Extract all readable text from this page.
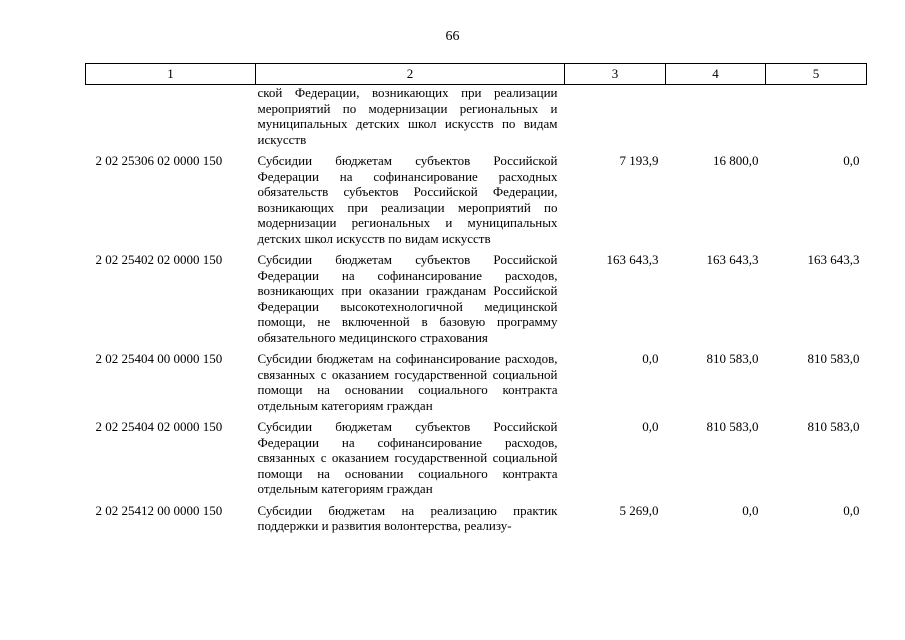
66
1	2	3	4	5
	ской Федерации, возникающих при реализации мероприятий по модернизации региональных и муниципальных детских школ искусств по видам искусств			
2 02 25306 02 0000 150	Субсидии бюджетам субъектов Российской Федерации на софинансирование расходных обязательств субъектов Российской Федерации, возникающих при реализации мероприятий по модернизации региональных и муниципальных детских школ искусств по видам искусств	7 193,9	16 800,0	0,0
2 02 25402 02 0000 150	Субсидии бюджетам субъектов Российской Федерации на софинансирование расходов, возникающих при оказании гражданам Российской Федерации высокотехнологичной медицинской помощи, не включенной в базовую программу обязательного медицинского страхования	163 643,3	163 643,3	163 643,3
2 02 25404 00 0000 150	Субсидии бюджетам на софинансирование расходов, связанных с оказанием государственной социальной помощи на основании социального контракта отдельным категориям граждан	0,0	810 583,0	810 583,0
2 02 25404 02 0000 150	Субсидии бюджетам субъектов Российской Федерации на софинансирование расходов, связанных с оказанием государственной социальной помощи на основании социального контракта отдельным категориям граждан	0,0	810 583,0	810 583,0
2 02 25412 00 0000 150	Субсидии бюджетам на реализацию практик поддержки и развития волонтерства, реализу-	5 269,0	0,0	0,0
